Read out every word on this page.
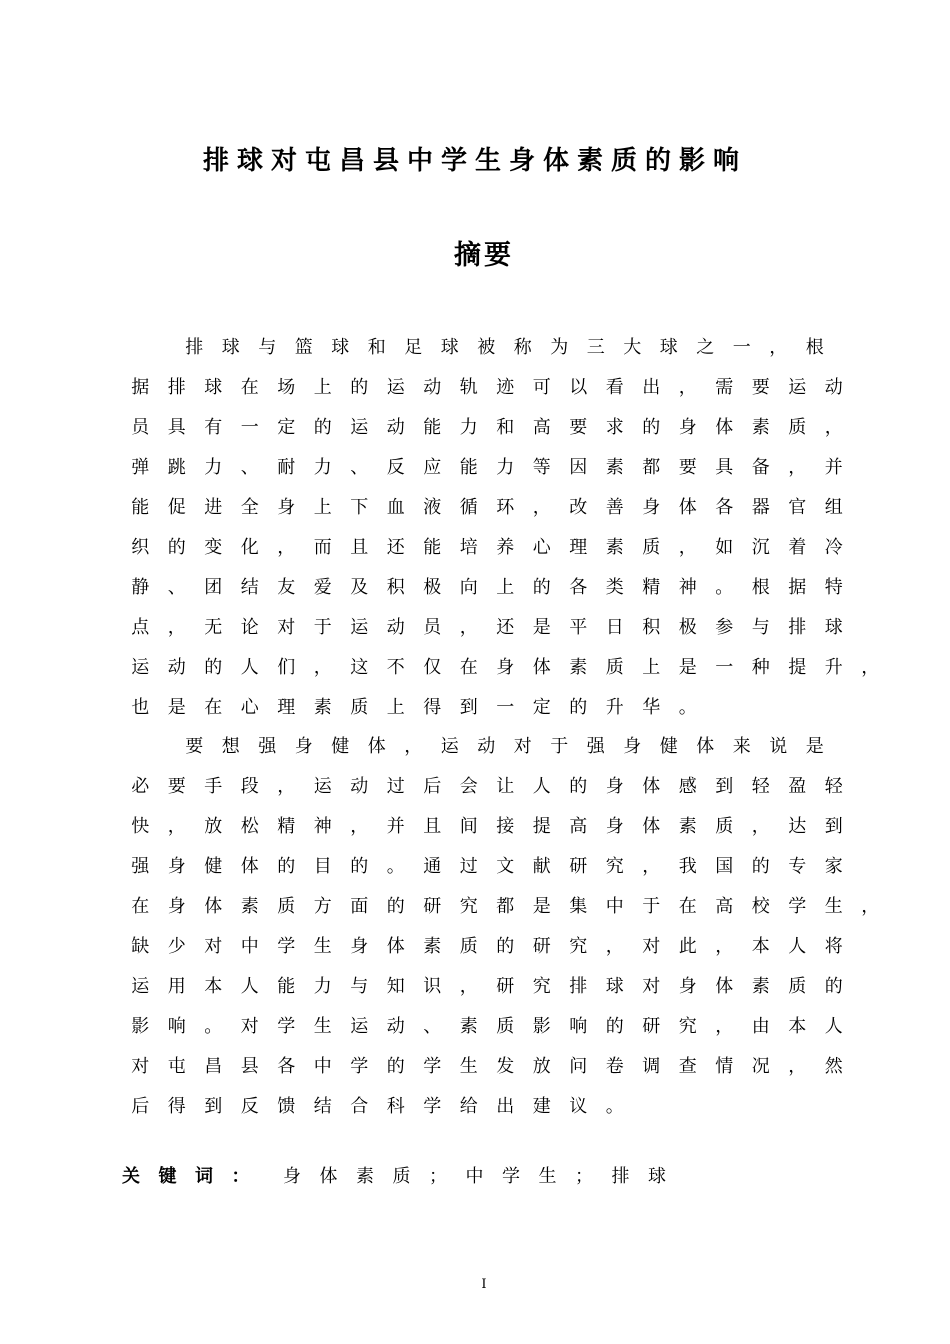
排球对屯昌县中学生身体素质的影响
摘要
排 球 与 篮 球 和 足 球 被 称 为 三 大 球 之 一 ， 根
据 排 球 在 场 上 的 运 动 轨 迹 可 以 看 出 ， 需 要 运 动
员 具 有 一 定 的 运 动 能 力 和 高 要 求 的 身 体 素 质 ，
弹 跳 力 、 耐 力 、 反 应 能 力 等 因 素 都 要 具 备 ， 并
能 促 进 全 身 上 下 血 液 循 环 ， 改 善 身 体 各 器 官 组
织 的 变 化 ， 而 且 还 能 培 养 心 理 素 质 ， 如 沉 着 冷
静 、 团 结 友 爱 及 积 极 向 上 的 各 类 精 神 。 根 据 特
点 ， 无 论 对 于 运 动 员 ， 还 是 平 日 积 极 参 与 排 球
运 动 的 人 们 ， 这 不 仅 在 身 体 素 质 上 是 一 种 提 升 ，
也 是 在 心 理 素 质 上 得 到 一 定 的 升 华 。
要 想 强 身 健 体 ， 运 动 对 于 强 身 健 体 来 说 是
必 要 手 段 ， 运 动 过 后 会 让 人 的 身 体 感 到 轻 盈 轻
快 ， 放 松 精 神 ， 并 且 间 接 提 高 身 体 素 质 ， 达 到
强 身 健 体 的 目 的 。 通 过 文 献 研 究 ， 我 国 的 专 家
在 身 体 素 质 方 面 的 研 究 都 是 集 中 于 在 高 校 学 生 ，
缺 少 对 中 学 生 身 体 素 质 的 研 究 ， 对 此 ， 本 人 将
运 用 本 人 能 力 与 知 识 ， 研 究 排 球 对 身 体 素 质 的
影 响 。 对 学 生 运 动 、 素 质 影 响 的 研 究 ， 由 本 人
对 屯 昌 县 各 中 学 的 学 生 发 放 问 卷 调 查 情 况 ， 然
后 得 到 反 馈 结 合 科 学 给 出 建 议 。
关 键 词 ： 身 体 素 质 ； 中 学 生 ； 排 球
I
